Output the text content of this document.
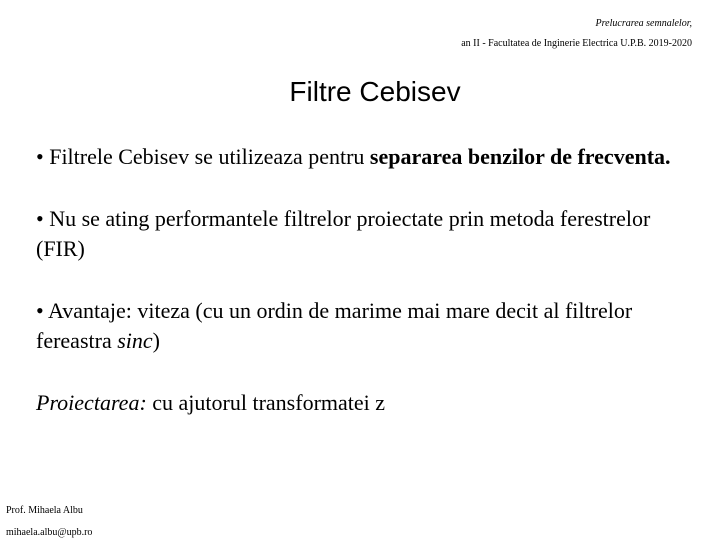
Prelucrarea semnalelor,
an II - Facultatea de Inginerie Electrica U.P.B. 2019-2020
Filtre Cebisev
• Filtrele Cebisev se utilizeaza pentru separarea benzilor de frecventa.
• Nu se ating performantele filtrelor proiectate prin metoda ferestrelor (FIR)
• Avantaje: viteza (cu un ordin de marime mai mare decit al filtrelor fereastra sinc)
Proiectarea: cu ajutorul transformatei z
Prof. Mihaela Albu
mihaela.albu@upb.ro
